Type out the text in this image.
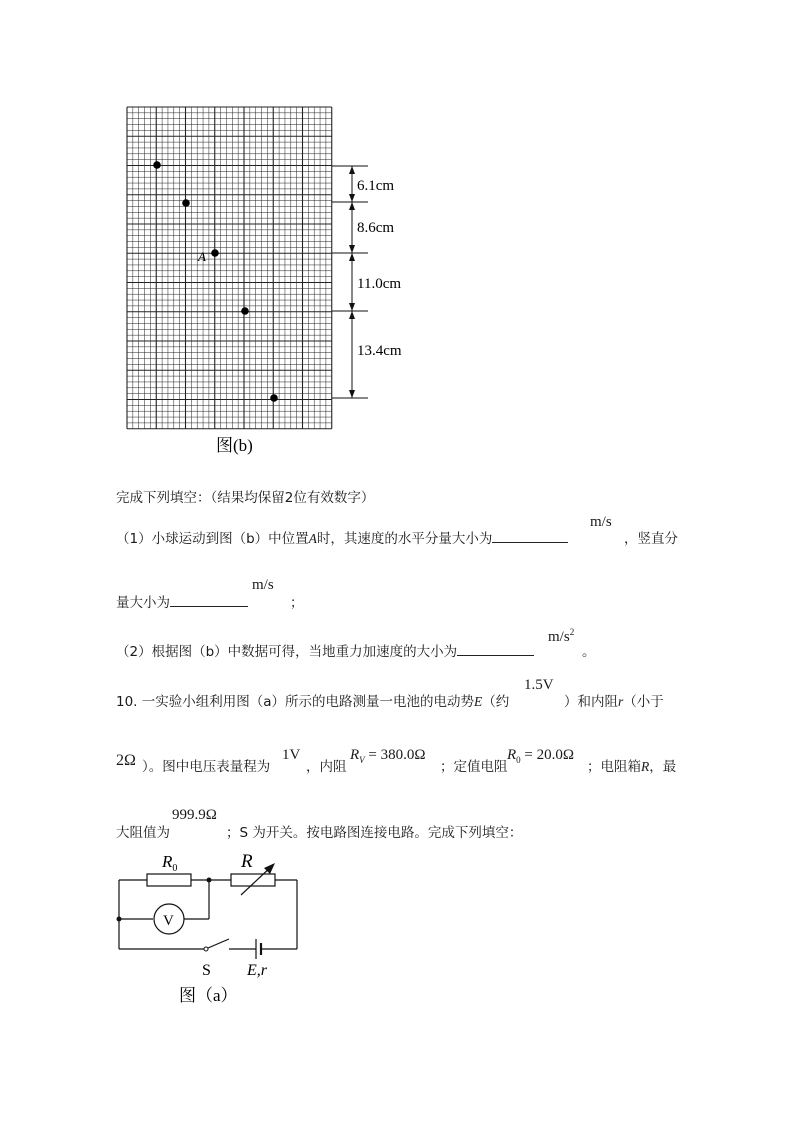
A
6.1cm
8.6cm
11.0cm
13.4cm
图(b)
完成下列填空：（结果均保留2位有效数字）
（1）小球运动到图（b）中位置A时，其速度的水平分量大小为
m/s
，竖直分
量大小为
m/s
；
（2）根据图（b）中数据可得，当地重力加速度的大小为
$m/s^2$
。
10. 一实验小组利用图（a）所示的电路测量一电池的电动势E（约
1.5V
）和内阻r（小于
2Ω ）。图中电压表量程为
1V
，内阻
$R_V = 380.0\Omega$
；定值电阻
$R_0 = 20.0\Omega$
；电阻箱R，最
大阻值为
999.9Ω
；S 为开关。按电路图连接电路。完成下列填空：
$R_0$	R
V
S E,r
图（a）
